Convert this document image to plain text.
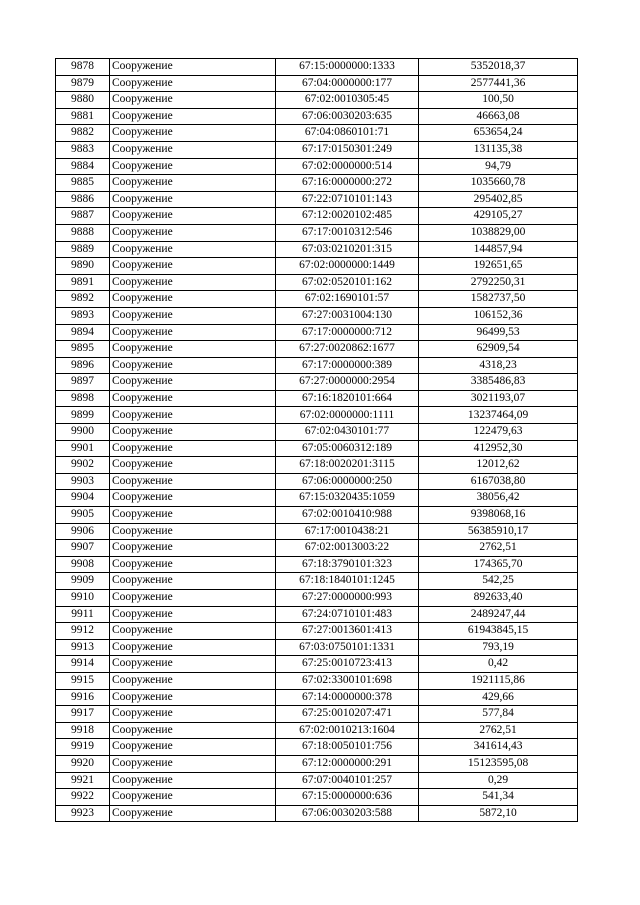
9878	Сооружение	67:15:0000000:1333	5352018,37
9879	Сооружение	67:04:0000000:177	2577441,36
9880	Сооружение	67:02:0010305:45	100,50
9881	Сооружение	67:06:0030203:635	46663,08
9882	Сооружение	67:04:0860101:71	653654,24
9883	Сооружение	67:17:0150301:249	131135,38
9884	Сооружение	67:02:0000000:514	94,79
9885	Сооружение	67:16:0000000:272	1035660,78
9886	Сооружение	67:22:0710101:143	295402,85
9887	Сооружение	67:12:0020102:485	429105,27
9888	Сооружение	67:17:0010312:546	1038829,00
9889	Сооружение	67:03:0210201:315	144857,94
9890	Сооружение	67:02:0000000:1449	192651,65
9891	Сооружение	67:02:0520101:162	2792250,31
9892	Сооружение	67:02:1690101:57	1582737,50
9893	Сооружение	67:27:0031004:130	106152,36
9894	Сооружение	67:17:0000000:712	96499,53
9895	Сооружение	67:27:0020862:1677	62909,54
9896	Сооружение	67:17:0000000:389	4318,23
9897	Сооружение	67:27:0000000:2954	3385486,83
9898	Сооружение	67:16:1820101:664	3021193,07
9899	Сооружение	67:02:0000000:1111	13237464,09
9900	Сооружение	67:02:0430101:77	122479,63
9901	Сооружение	67:05:0060312:189	412952,30
9902	Сооружение	67:18:0020201:3115	12012,62
9903	Сооружение	67:06:0000000:250	6167038,80
9904	Сооружение	67:15:0320435:1059	38056,42
9905	Сооружение	67:02:0010410:988	9398068,16
9906	Сооружение	67:17:0010438:21	56385910,17
9907	Сооружение	67:02:0013003:22	2762,51
9908	Сооружение	67:18:3790101:323	174365,70
9909	Сооружение	67:18:1840101:1245	542,25
9910	Сооружение	67:27:0000000:993	892633,40
9911	Сооружение	67:24:0710101:483	2489247,44
9912	Сооружение	67:27:0013601:413	61943845,15
9913	Сооружение	67:03:0750101:1331	793,19
9914	Сооружение	67:25:0010723:413	0,42
9915	Сооружение	67:02:3300101:698	1921115,86
9916	Сооружение	67:14:0000000:378	429,66
9917	Сооружение	67:25:0010207:471	577,84
9918	Сооружение	67:02:0010213:1604	2762,51
9919	Сооружение	67:18:0050101:756	341614,43
9920	Сооружение	67:12:0000000:291	15123595,08
9921	Сооружение	67:07:0040101:257	0,29
9922	Сооружение	67:15:0000000:636	541,34
9923	Сооружение	67:06:0030203:588	5872,10
